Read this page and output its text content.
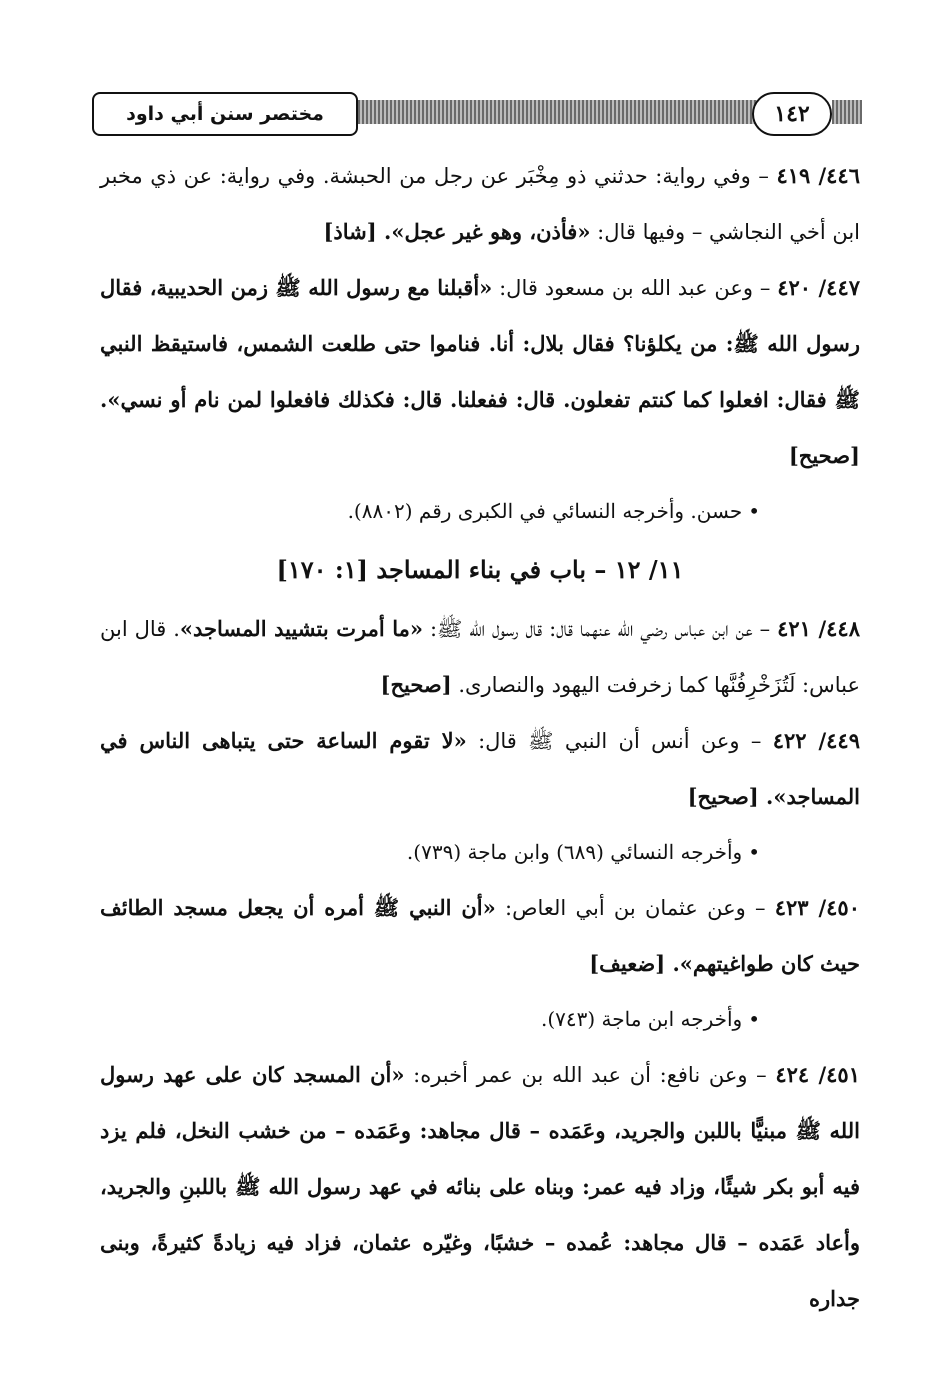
مختصر سنن أبي داود	١٤٢

٤٤٦/ ٤١٩ – وفي رواية: حدثني ذو مِخْبَر عن رجل من الحبشة. وفي رواية: عن ذي مخبر ابن أخي النجاشي – وفيها قال: «فأذن، وهو غير عجل». [شاذ]

٤٤٧/ ٤٢٠ – وعن عبد الله بن مسعود قال: «أقبلنا مع رسول الله ﷺ زمن الحديبية، فقال رسول الله ﷺ: من يكلؤنا؟ فقال بلال: أنا. فناموا حتى طلعت الشمس، فاستيقظ النبي ﷺ فقال: افعلوا كما كنتم تفعلون. قال: ففعلنا. قال: فكذلك فافعلوا لمن نام أو نسي». [صحيح]

•حسن. وأخرجه النسائي في الكبرى رقم (٨٨٠٢).

١١/ ١٢ – باب في بناء المساجد [١: ١٧٠]

٤٤٨/ ٤٢١ – عن ابن عباس رضي الله عنهما قال: قال رسول الله ﷺ: «ما أمرت بتشييد المساجد». قال ابن عباس: لَتُزَخْرِفُنَّها كما زخرفت اليهود والنصارى. [صحيح]

٤٤٩/ ٤٢٢ – وعن أنس أن النبي ﷺ قال: «لا تقوم الساعة حتى يتباهى الناس في المساجد». [صحيح]

•وأخرجه النسائي (٦٨٩) وابن ماجة (٧٣٩).

٤٥٠/ ٤٢٣ – وعن عثمان بن أبي العاص: «أن النبي ﷺ أمره أن يجعل مسجد الطائف حيث كان طواغيتهم». [ضعيف]

•وأخرجه ابن ماجة (٧٤٣).

٤٥١/ ٤٢٤ – وعن نافع: أن عبد الله بن عمر أخبره: «أن المسجد كان على عهد رسول الله ﷺ مبنيًّا باللبن والجريد، وعَمَده – قال مجاهد: وعَمَده – من خشب النخل، فلم يزد فيه أبو بكر شيئًا، وزاد فيه عمر: وبناه على بنائه في عهد رسول الله ﷺ باللبنِ والجريد، وأعاد عَمَده – قال مجاهد: عُمده – خشبًا، وغيّره عثمان، فزاد فيه زيادةً كثيرةً، وبنى جداره
